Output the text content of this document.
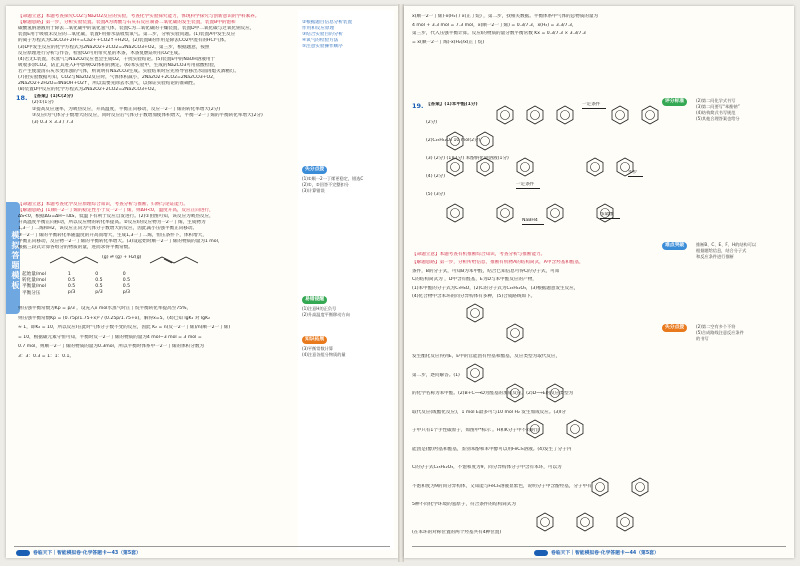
模拟答题模板
【命题立意】本题考查探究CO2与Na2O2反应的实验，考查化学实验探究能力，体现科学探究与创新意识的学科素养。
【解题思路】第一步，分析实验装置。装置A为诱酸与石灰石反应制备二氧化碳的发生装置，装置B中的饱和
碳酸氢钠溶液用于除去二氧化碳中的氯化氢气体，装置C为二氧化碳的干燥装置，装置D中二氧化碳与过氧化钠反应，
装置E用于吸收未反应的二氧化碳，装置F用排水法收集氧气。第二步，分析实验问题。(1)装置A中发生反应
的离子方程式为CaCO3+2H+=Ca2++CO2↑+H2O。(2)装置B的作用是除去CO2中混有的HCl气体。
(3)D中发生反应的化学方程式为2Na2O2+2CO2=2Na2CO3+O2。第三步，根据题意，按照
反应原理进行分析与作答，检验O2可用带火星的木条，木条复燃证明有O2生成。
(4)若无C装置，水蒸气与Na2O2反应也会生成O2，干扰实验结论。(5)装置E中的NaOH溶液用于
吸收多余CO2，防止其进入F中影响O2体积的测定。(6)本实验中，生成的Na2CO3可用盐酸检验，
若产生使澄清石灰水变浑浊的气体，则说明有Na2CO3生成。实验结束时应先将导管移出水面再熄灭酒精灯。
(7)由实验数据可知，CO2与Na2O2反应时，气体体积减小，2Na2O2+2CO2=2Na2CO3+O2，
2Na2O2+2H2O=4NaOH+O2↑，所以需要先除去水蒸气，以保证实验结论的准确性。
(8)装置D中反应的化学方程式为2Na2O2+2CO2=2Na2CO3+O2。
18. 【答案】(1)C(2分)
(2)①(1分)
②提高反应速率，为吸热反应，升高温度，平衡正向移动，反应一2一丁烯的转化率增大(2分)
③反应Ⅰ为气体分子数增大的反应，同时反应后气体分子数增加使体积增大，平衡一2一丁烯的平衡转化率增大(2分)
(3) 0.3 × 3.3 / 7.3
【命题立意】本题考查化学反应原理综合知识，考查分析与推断、归纳与论证能力。
【解题思路】(1)顺一2一丁烯的稳定性小于反一2一丁烯，则ΔH<0，温度升高，反应正向进行，
ΔS<0，根据ΔG=ΔH−TΔS，低温下有利于反应自发进行。(2)①由图可知，该反应为吸热反应，
升高温度平衡正向移动，所以反应物的转化率提高。②反应Ⅰ的反应物为一2一丁烯，生成物为
1,3一丁二烯和H2，该反应正向为气体分子数增大的反应，因此减小压强平衡正向移动。
③一2一丁烯的平衡转化率随温度的升高而增大，生成1,3一丁二烯，恒压条件下，体积增大，
平衡正向移动，反应物一2一丁烯的平衡转化率增大。(3)设起始时顺一2一丁烯的物质的量为1 mol，
根据三段式计算各组分的物质的量，进而求得平衡常数。
(g) ⇌ (g) + H2(g)
起始量/mol	1	0	0
转化量/mol	0.5	0.5	0.5
平衡量/mol	0.5	0.5	0.5
平衡分压	p/3	p/3	p/3
则压强平衡常数为Kp = p/3 ，设充入x mol水蒸气时正丁烷平衡转化率提高至75%，
则压强平衡常数Kp = (0.75p/1.75+x)² / (0.25p/1.75+x)，解得x=5。(4)已知 lgK₁ 对 lgK₂
≈ 1，即K₂ = 10，所以反应Ⅰ在此时气体分子数不变的反应，因此 K₂ = n(反一2一丁烯)/n(顺一2一丁烯)
= 10，根据碳元素守恒可知，平衡时反一2一丁烯的物质的量为4 mol−3 mol = 3 mol =
0.7 mol，则顺一2一丁烯的物质的量为0.3mol，所以平衡时体系中一2一丁烯的体积分数为
3：3：0.3 = 1：1：0.1。
②根据题目信息分析装置
作用和反应原理
③结合实验目的分析
④氧气的检验方法
⑤注意实验操作顺序
失分点拨
(1)①顺一2一丁烯更稳定，错选C
(2)①，②回答不完整扣分
(3)计算错误
易错提醒
(1)注意H的正负号
(2)升高温度平衡移动方向
知识拓展
(3)平衡常数计算
(4)注意各组分物质的量
卷临天下｜智能模拟卷·化学答题卡—43（第5套）
x(顺一2一丁烯)·x(H₂) / x(正丁烷) ，第二步，找相关数据。平衡体系中气体的总物质的量为
4 mol + 3.3 mol = 7.3 mol，x(顺一2一丁烯) = 0.3/7.3，x(H₂) = 3.3/7.3，
第三步，代入压强平衡计算。反应Ⅰ的物质的量分数平衡常数 Kx = 0.3/7.3 × 3.3/7.3
= x(顺一2一丁烯)·x(H₂)/x(正丁烷)
19. 【答案】(1)苯甲醛(1分)
(2分)
(2)C₁₅H₁₂O₃ 10 mol(2分)
(3) (2分) (1)(1分) 苯酚钠化钡溶液(1分)
(4) (2分)
(5) (3分)
一定条件
一定条件
多步
浓硫酸
NaBH4
【命题立意】本题考查有机推断综合知识，考查分析与推断能力。
【解题思路】第一步，分析所给信息，推断有机物A的结构简式，A中含羟基和醛基，
条件，B的分子式，可知B为苯甲醛，结合已知信息可得C的分子式，可知
C的结构简式为 ，D中含有醛基，E为D与苯甲醛反应的产物，
(1)苯甲醛的分子式为C₇H₆O，(2)C的分子式为C₁₅H₁₂O₃，(3)根据题意发生反应，
(4)化合物中含苯环的同分异构体有多种，(5)合成路线如下。
发生酯化反应得到E，E中的官能团有羟基和酯基，反应类型为取代反应，
第二步，逐问解答。(1)
的化学名称为苯甲醛。(2)B+C⟶D为醛基的加成反应。(2)D⟶E的反应类型为
取代反应(或酯化反应)，1 mol E最多可与10 mol H₂ 发生加成反应。(3)I分
子中只有1个手性碳原子，如图中*标示 。H和K分子中不同的官
能团是(醇)羟基和醛基，鉴别苯酚和苯甲醇可以用FeCl₃溶液。(4)发生了分子内
C的分子式C₁₅H₁₂O₃，不饱和度为9，同分异构体分子中含有苯环，可以为
不饱和度为9的同分异构体，又知能与FeCl₃溶液显紫色，说明分子中含酚羟基，分子中有
5种不同化学环境的氢原子，符合条件的结构简式为
(在苯环的对称位置的两个羟基共有4种位置)
评分标准	(2)第二问化学式书写
(3)第二问要写“苯酚钠”
(4)结构简式书写规范
(5)其他合理答案也给分
难点突破	推断B、C、E、F、H的结构可以
根据题给信息，结合分子式
和反应条件进行推断
失分点拨	(2)第二空有多个不符
(5)合成路线注意反应条件
的书写
卷临天下｜智能模拟卷·化学答题卡—44（第5套）
